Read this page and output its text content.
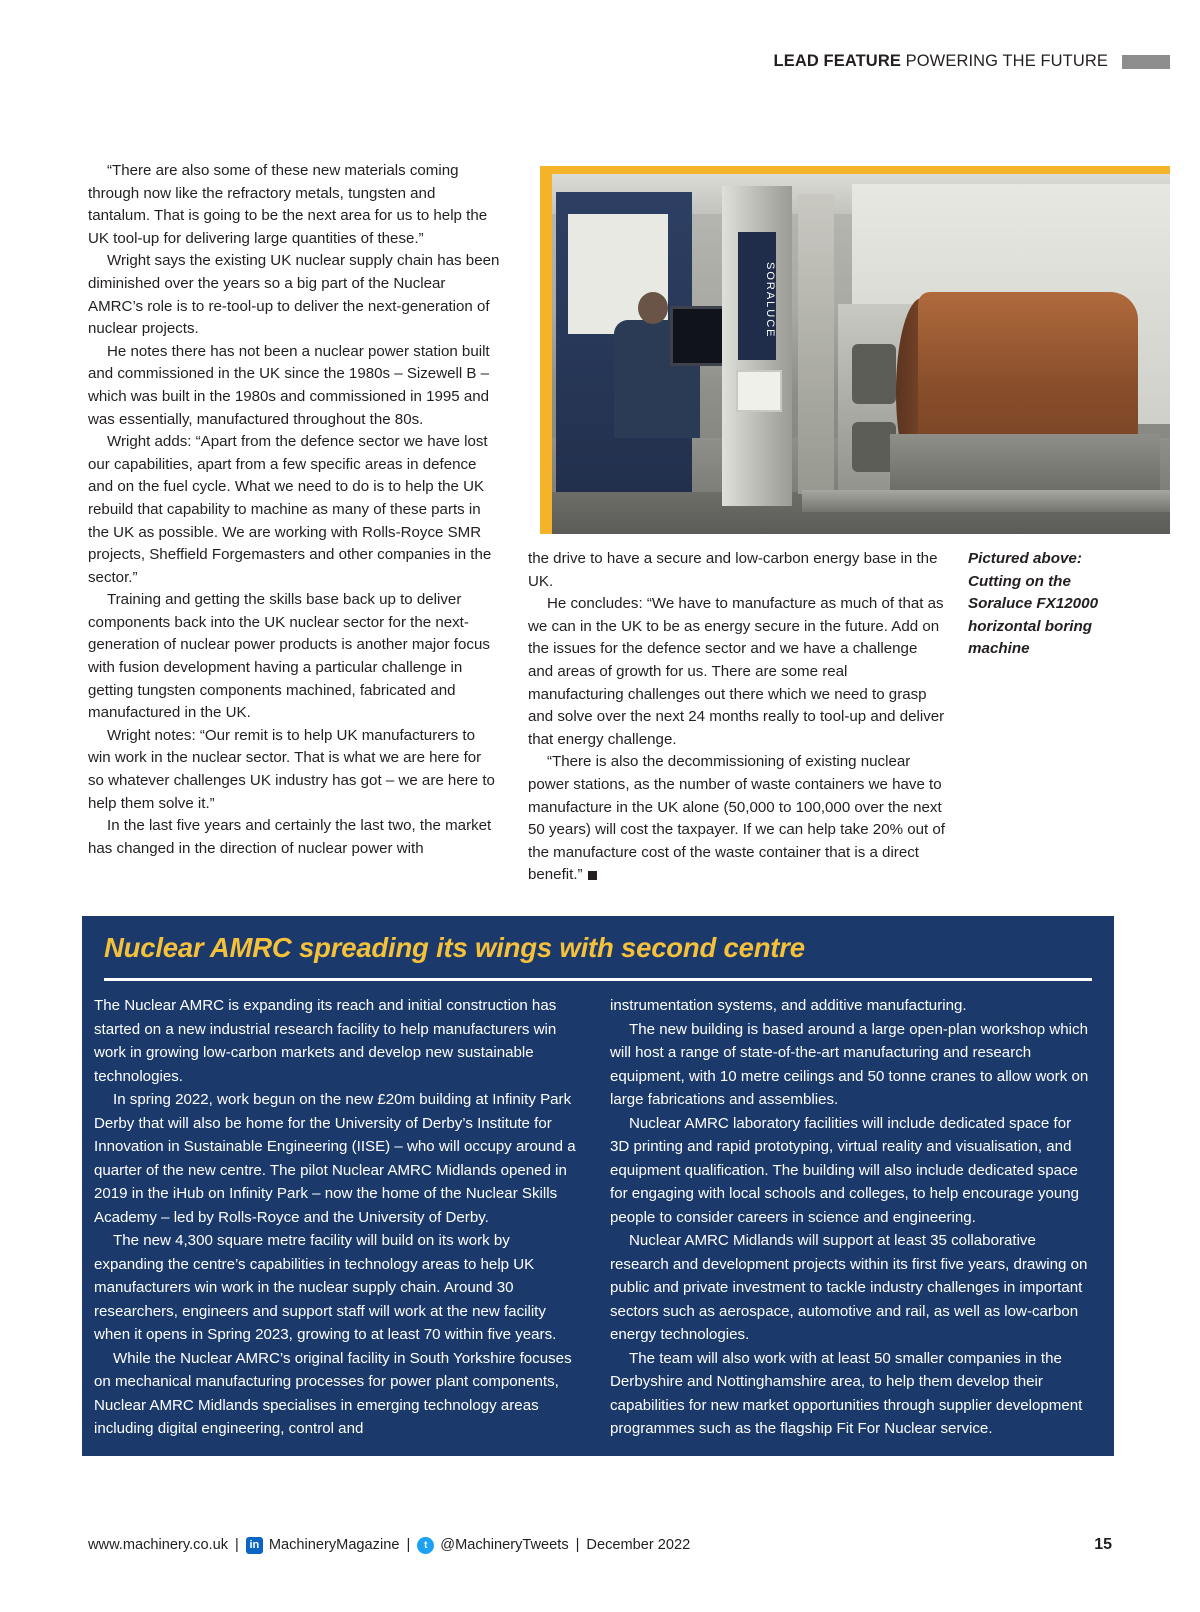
LEAD FEATURE POWERING THE FUTURE

“There are also some of these new materials coming through now like the refractory metals, tungsten and tantalum. That is going to be the next area for us to help the UK tool-up for delivering large quantities of these.”

Wright says the existing UK nuclear supply chain has been diminished over the years so a big part of the Nuclear AMRC’s role is to re-tool-up to deliver the next-generation of nuclear projects.

He notes there has not been a nuclear power station built and commissioned in the UK since the 1980s – Sizewell B – which was built in the 1980s and commissioned in 1995 and was essentially, manufactured throughout the 80s.

Wright adds: “Apart from the defence sector we have lost our capabilities, apart from a few specific areas in defence and on the fuel cycle. What we need to do is to help the UK rebuild that capability to machine as many of these parts in the UK as possible. We are working with Rolls-Royce SMR projects, Sheffield Forgemasters and other companies in the sector.”

Training and getting the skills base back up to deliver components back into the UK nuclear sector for the next-generation of nuclear power products is another major focus with fusion development having a particular challenge in getting tungsten components machined, fabricated and manufactured in the UK.

Wright notes: “Our remit is to help UK manufacturers to win work in the nuclear sector. That is what we are here for so whatever challenges UK industry has got – we are here to help them solve it.”

In the last five years and certainly the last two, the market has changed in the direction of nuclear power with

SORALUCE

the drive to have a secure and low-carbon energy base in the UK.

He concludes: “We have to manufacture as much of that as we can in the UK to be as energy secure in the future. Add on the issues for the defence sector and we have a challenge and areas of growth for us. There are some real manufacturing challenges out there which we need to grasp and solve over the next 24 months really to tool-up and deliver that energy challenge.

“There is also the decommissioning of existing nuclear power stations, as the number of waste containers we have to manufacture in the UK alone (50,000 to 100,000 over the next 50 years) will cost the taxpayer. If we can help take 20% out of the manufacture cost of the waste container that is a direct benefit.”

Pictured above: Cutting on the Soraluce FX12000 horizontal boring machine

Nuclear AMRC spreading its wings with second centre

The Nuclear AMRC is expanding its reach and initial construction has started on a new industrial research facility to help manufacturers win work in growing low-carbon markets and develop new sustainable technologies.

In spring 2022, work begun on the new £20m building at Infinity Park Derby that will also be home for the University of Derby’s Institute for Innovation in Sustainable Engineering (IISE) – who will occupy around a quarter of the new centre. The pilot Nuclear AMRC Midlands opened in 2019 in the iHub on Infinity Park – now the home of the Nuclear Skills Academy – led by Rolls-Royce and the University of Derby.

The new 4,300 square metre facility will build on its work by expanding the centre’s capabilities in technology areas to help UK manufacturers win work in the nuclear supply chain. Around 30 researchers, engineers and support staff will work at the new facility when it opens in Spring 2023, growing to at least 70 within five years.

While the Nuclear AMRC’s original facility in South Yorkshire focuses on mechanical manufacturing processes for power plant components, Nuclear AMRC Midlands specialises in emerging technology areas including digital engineering, control and

instrumentation systems, and additive manufacturing.

The new building is based around a large open-plan workshop which will host a range of state-of-the-art manufacturing and research equipment, with 10 metre ceilings and 50 tonne cranes to allow work on large fabrications and assemblies.

Nuclear AMRC laboratory facilities will include dedicated space for 3D printing and rapid prototyping, virtual reality and visualisation, and equipment qualification. The building will also include dedicated space for engaging with local schools and colleges, to help encourage young people to consider careers in science and engineering.

Nuclear AMRC Midlands will support at least 35 collaborative research and development projects within its first five years, drawing on public and private investment to tackle industry challenges in important sectors such as aerospace, automotive and rail, as well as low-carbon energy technologies.

The team will also work with at least 50 smaller companies in the Derbyshire and Nottinghamshire area, to help them develop their capabilities for new market opportunities through supplier development programmes such as the flagship Fit For Nuclear service.

www.machinery.co.uk | in MachineryMagazine |	t @MachineryTweets | December 2022	15
